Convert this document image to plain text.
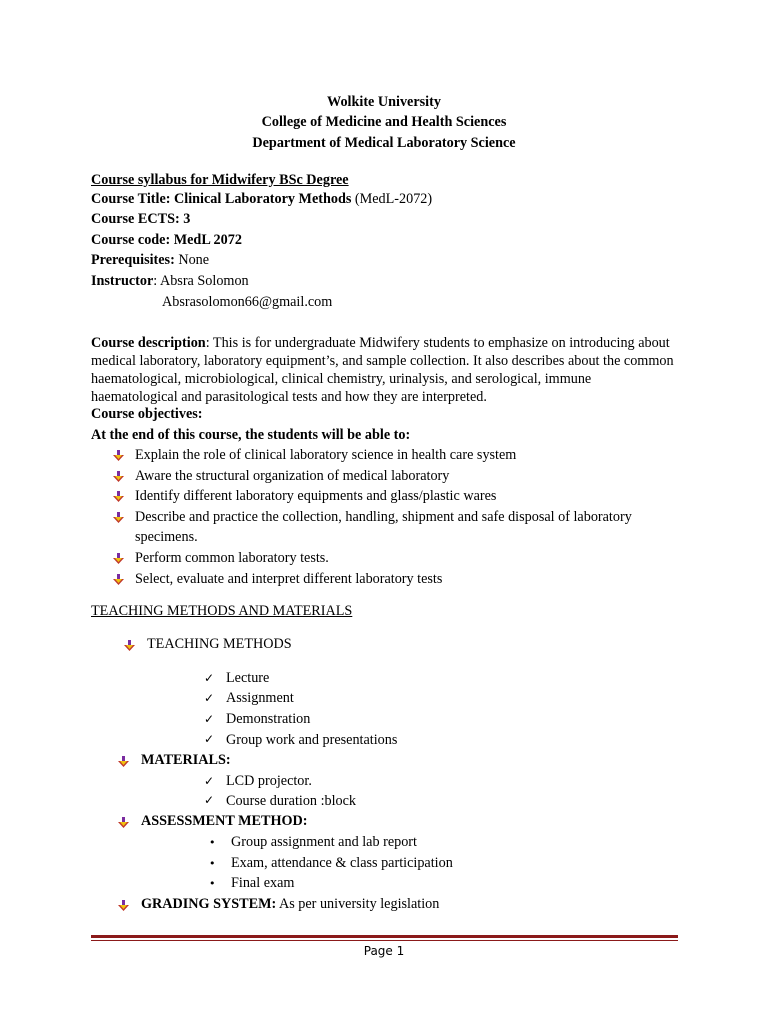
Wolkite University
College of Medicine and Health Sciences
Department of Medical Laboratory Science
Course syllabus for Midwifery BSc Degree
Course Title: Clinical Laboratory Methods (MedL-2072)
Course ECTS: 3
Course code: MedL 2072
Prerequisites: None
Instructor: Absra Solomon
Absrasolomon66@gmail.com
Course description: This is for undergraduate Midwifery students to emphasize on introducing about medical laboratory, laboratory equipment’s, and sample collection. It also describes about the common haematological, microbiological, clinical chemistry, urinalysis, and serological, immune haematological and parasitological tests and how they are interpreted.
Course objectives:
At the end of this course, the students will be able to:
Explain the role of clinical laboratory science in health care system
Aware the structural organization of medical laboratory
Identify different laboratory equipments and glass/plastic wares
Describe and practice the collection, handling, shipment and safe disposal of laboratory
specimens.
Perform common laboratory tests.
Select, evaluate and interpret different laboratory tests
TEACHING METHODS AND MATERIALS
TEACHING METHODS
✓ Lecture
✓ Assignment
✓ Demonstration
✓ Group work and presentations
MATERIALS:
✓ LCD projector.
✓ Course duration :block
ASSESSMENT METHOD:
• Group assignment and lab report
• Exam, attendance & class participation
• Final exam
GRADING SYSTEM: As per university legislation
Page 1
